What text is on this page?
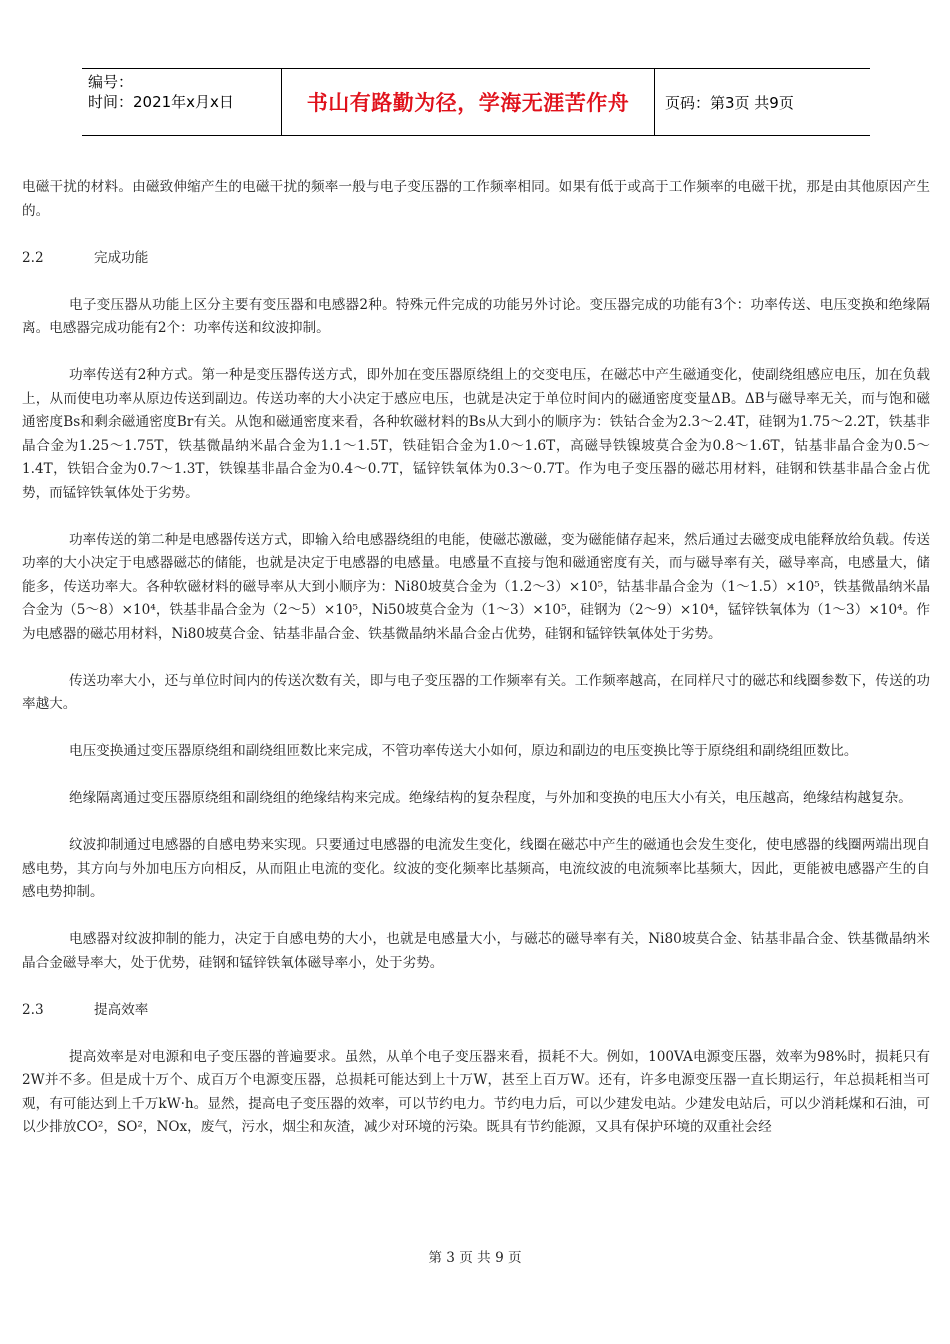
编号：
时间：2021年x月x日	书山有路勤为径，学海无涯苦作舟	页码：第3页 共9页

电磁干扰的材料。由磁致伸缩产生的电磁干扰的频率一般与电子变压器的工作频率相同。如果有低于或高于工作频率的电磁干扰，那是由其他原因产生的。

2.2	完成功能

电子变压器从功能上区分主要有变压器和电感器2种。特殊元件完成的功能另外讨论。变压器完成的功能有3个：功率传送、电压变换和绝缘隔离。电感器完成功能有2个：功率传送和纹波抑制。

功率传送有2种方式。第一种是变压器传送方式，即外加在变压器原绕组上的交变电压，在磁芯中产生磁通变化，使副绕组感应电压，加在负载上，从而使电功率从原边传送到副边。传送功率的大小决定于感应电压，也就是决定于单位时间内的磁通密度变量ΔB。ΔB与磁导率无关，而与饱和磁通密度Bs和剩余磁通密度Br有关。从饱和磁通密度来看，各种软磁材料的Bs从大到小的顺序为：铁钴合金为2.3～2.4T，硅钢为1.75～2.2T，铁基非晶合金为1.25～1.75T，铁基微晶纳米晶合金为1.1～1.5T，铁硅铝合金为1.0～1.6T，高磁导铁镍坡莫合金为0.8～1.6T，钴基非晶合金为0.5～1.4T，铁铝合金为0.7～1.3T，铁镍基非晶合金为0.4～0.7T，锰锌铁氧体为0.3～0.7T。作为电子变压器的磁芯用材料，硅钢和铁基非晶合金占优势，而锰锌铁氧体处于劣势。

功率传送的第二种是电感器传送方式，即输入给电感器绕组的电能，使磁芯激磁，变为磁能储存起来，然后通过去磁变成电能释放给负载。传送功率的大小决定于电感器磁芯的储能，也就是决定于电感器的电感量。电感量不直接与饱和磁通密度有关，而与磁导率有关，磁导率高，电感量大，储能多，传送功率大。各种软磁材料的磁导率从大到小顺序为：Ni80坡莫合金为（1.2～3）×10⁵，钴基非晶合金为（1～1.5）×10⁵，铁基微晶纳米晶合金为（5～8）×10⁴，铁基非晶合金为（2～5）×10⁵，Ni50坡莫合金为（1～3）×10⁵，硅钢为（2～9）×10⁴，锰锌铁氧体为（1～3）×10⁴。作为电感器的磁芯用材料，Ni80坡莫合金、钴基非晶合金、铁基微晶纳米晶合金占优势，硅钢和锰锌铁氧体处于劣势。

传送功率大小，还与单位时间内的传送次数有关，即与电子变压器的工作频率有关。工作频率越高，在同样尺寸的磁芯和线圈参数下，传送的功率越大。

电压变换通过变压器原绕组和副绕组匝数比来完成，不管功率传送大小如何，原边和副边的电压变换比等于原绕组和副绕组匝数比。

绝缘隔离通过变压器原绕组和副绕组的绝缘结构来完成。绝缘结构的复杂程度，与外加和变换的电压大小有关，电压越高，绝缘结构越复杂。

纹波抑制通过电感器的自感电势来实现。只要通过电感器的电流发生变化，线圈在磁芯中产生的磁通也会发生变化，使电感器的线圈两端出现自感电势，其方向与外加电压方向相反，从而阻止电流的变化。纹波的变化频率比基频高，电流纹波的电流频率比基频大，因此，更能被电感器产生的自感电势抑制。

电感器对纹波抑制的能力，决定于自感电势的大小，也就是电感量大小，与磁芯的磁导率有关，Ni80坡莫合金、钴基非晶合金、铁基微晶纳米晶合金磁导率大，处于优势，硅钢和锰锌铁氧体磁导率小，处于劣势。

2.3	提高效率

提高效率是对电源和电子变压器的普遍要求。虽然，从单个电子变压器来看，损耗不大。例如，100VA电源变压器，效率为98%时，损耗只有2W并不多。但是成十万个、成百万个电源变压器，总损耗可能达到上十万W，甚至上百万W。还有，许多电源变压器一直长期运行，年总损耗相当可观，有可能达到上千万kW·h。显然，提高电子变压器的效率，可以节约电力。节约电力后，可以少建发电站。少建发电站后，可以少消耗煤和石油，可以少排放CO²，SO²，NOx，废气，污水，烟尘和灰渣，减少对环境的污染。既具有节约能源，又具有保护环境的双重社会经

第 3 页 共 9 页
